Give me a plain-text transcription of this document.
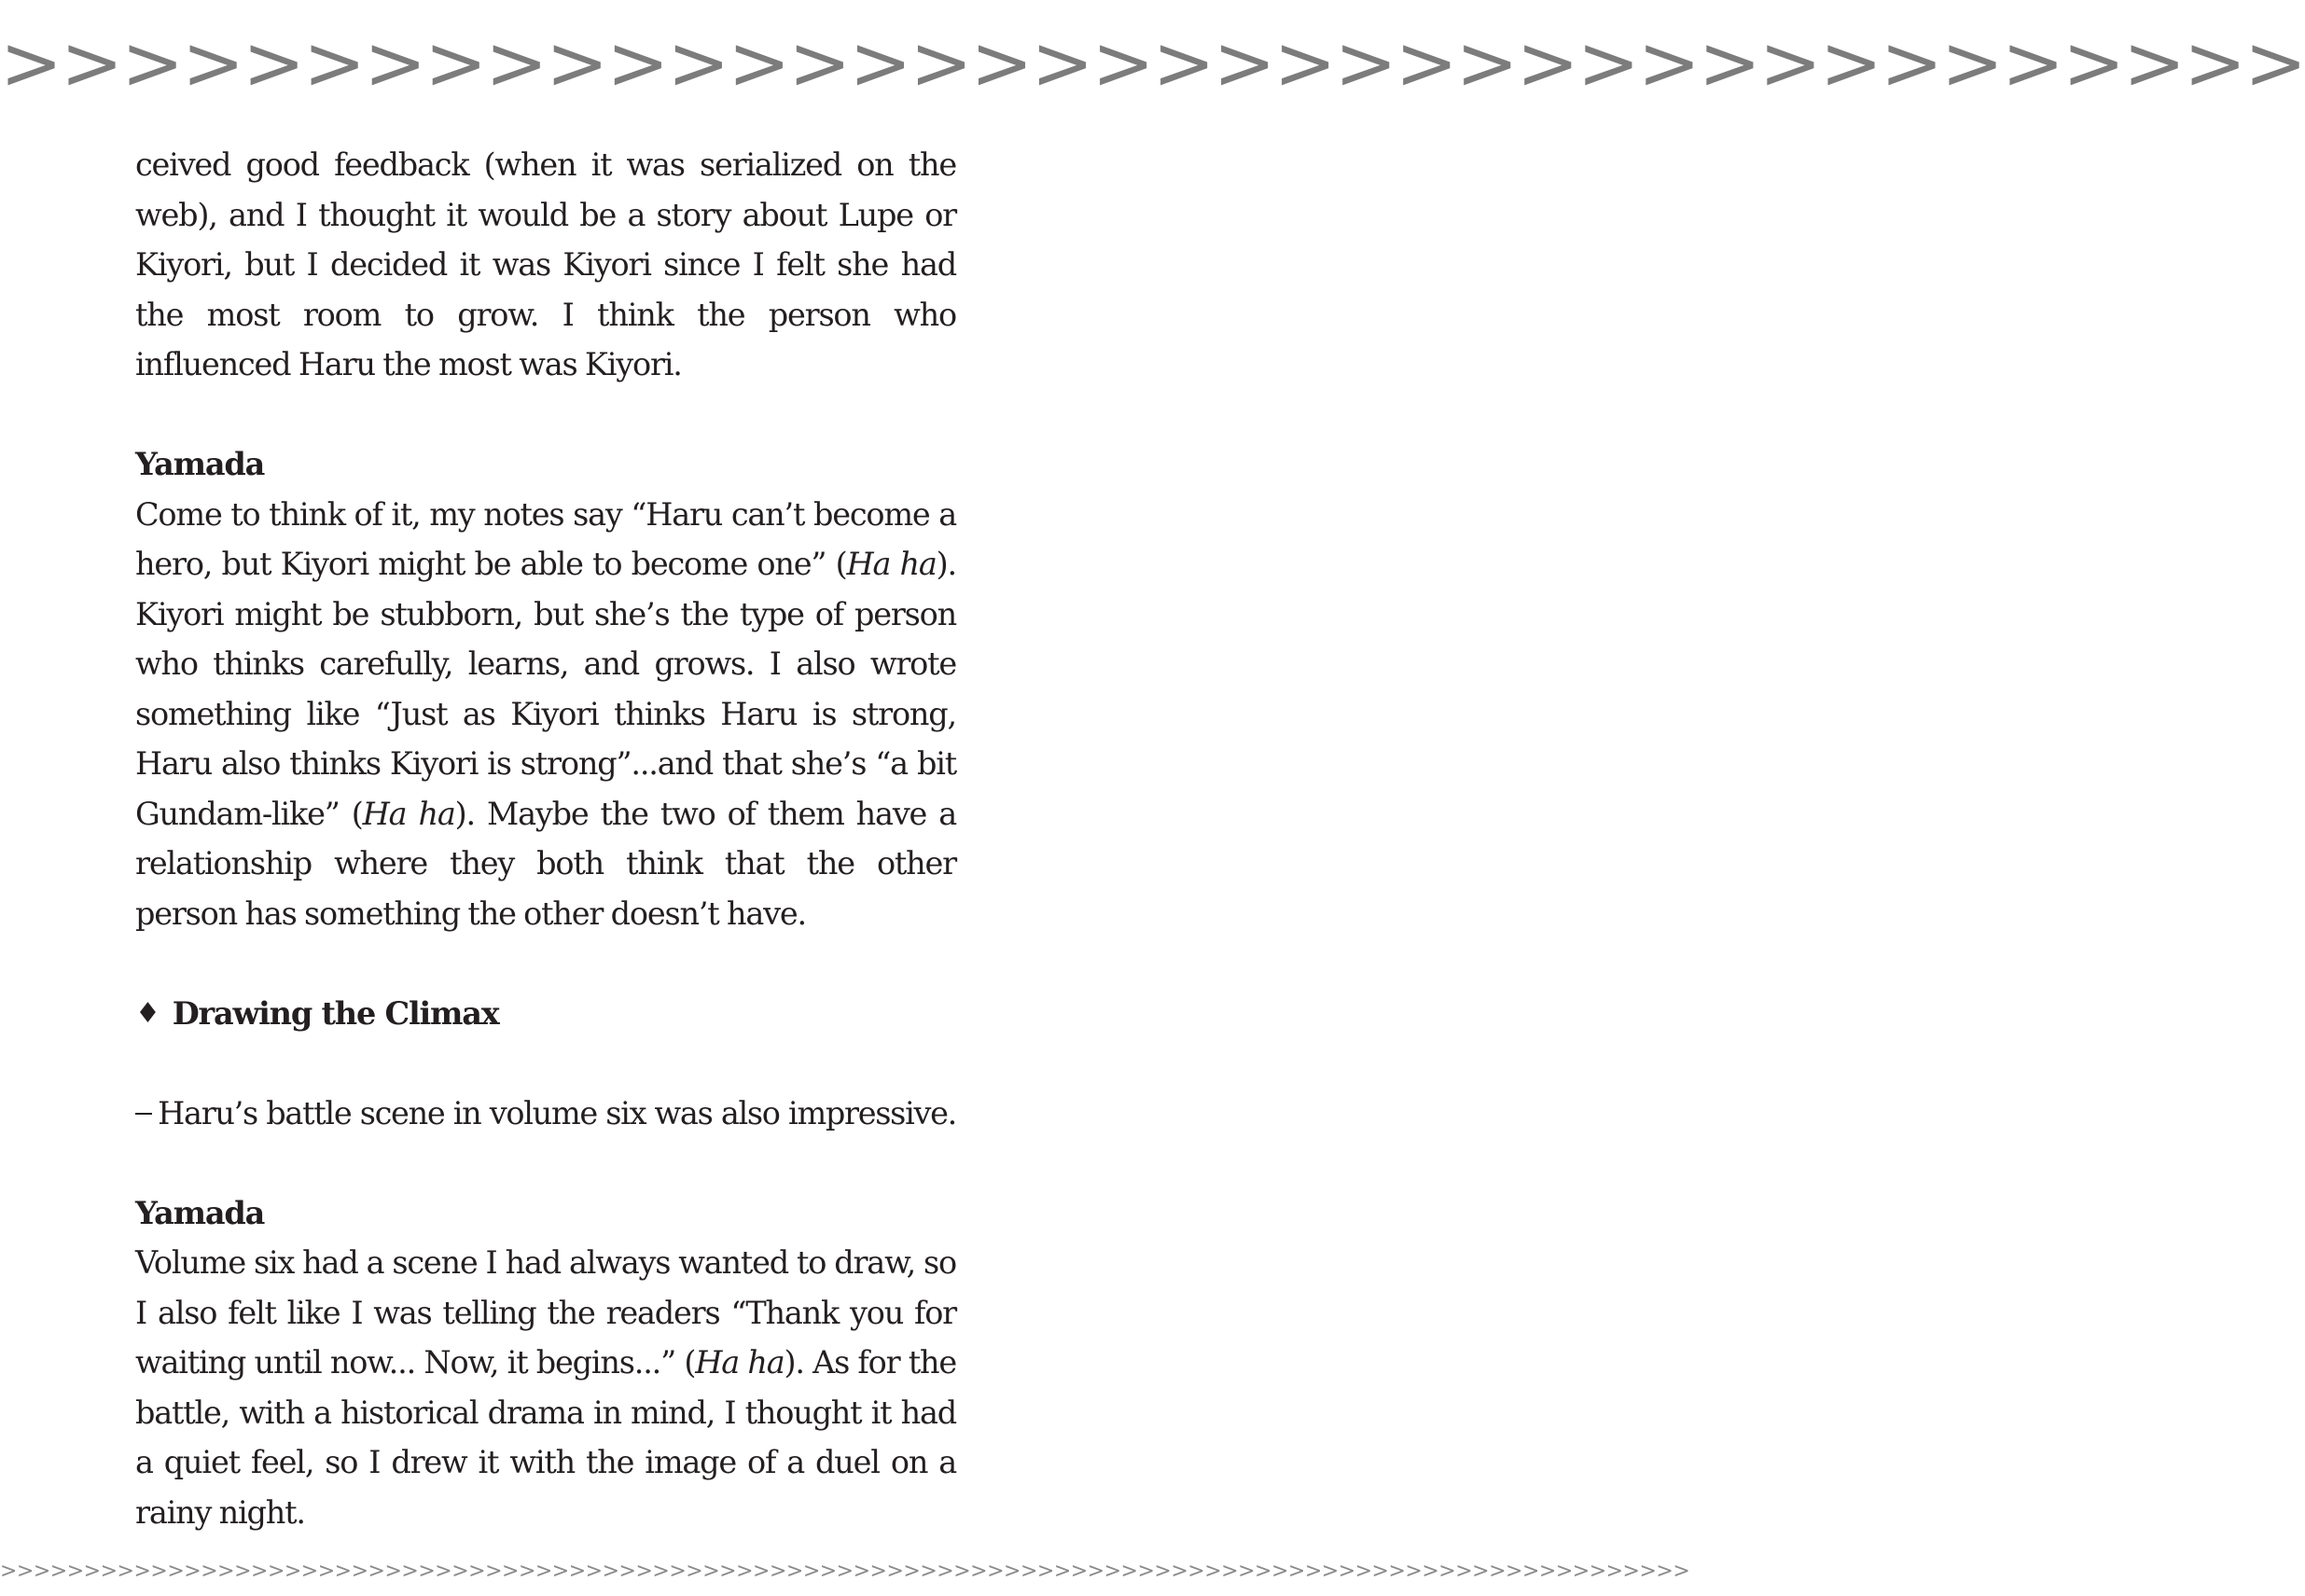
>>>>>>>>>>>>>>>>>>>>>>>>>>>>>>>>>>>>>>

ceived good feedback (when it was serialized on the web), and I thought it would be a story about Lupe or Kiyori, but I decided it was Kiyori since I felt she had the most room to grow. I think the person who influenced Haru the most was Kiyori.

Yamada

Come to think of it, my notes say “Haru can’t become a hero, but Kiyori might be able to become one” (Ha ha). Kiyori might be stubborn, but she’s the type of person who thinks carefully, learns, and grows. I also wrote something like “Just as Kiyori thinks Haru is strong, Haru also thinks Kiyori is strong”...and that she’s “a bit Gundam-like” (Ha ha). Maybe the two of them have a relationship where they both think that the other person has something the other doesn’t have.

♦ Drawing the Climax
Haru’s battle scene in volume six was also impressive.

Yamada

Volume six had a scene I had always wanted to draw, so I also felt like I was telling the readers “Thank you for waiting until now... Now, it begins...” (Ha ha). As for the battle, with a historical drama in mind, I thought it had a quiet feel, so I drew it with the image of a duel on a rainy night.

>>>>>>>>>>>>>>>>>>>>>>>>>>>>>>>>>>>>>>>>>>>>>>>>>>>>>>>>>>>>>>>>>>>>>>>>>>>>>>>>>>>>>>>>>>>>>>>>>>>>>
